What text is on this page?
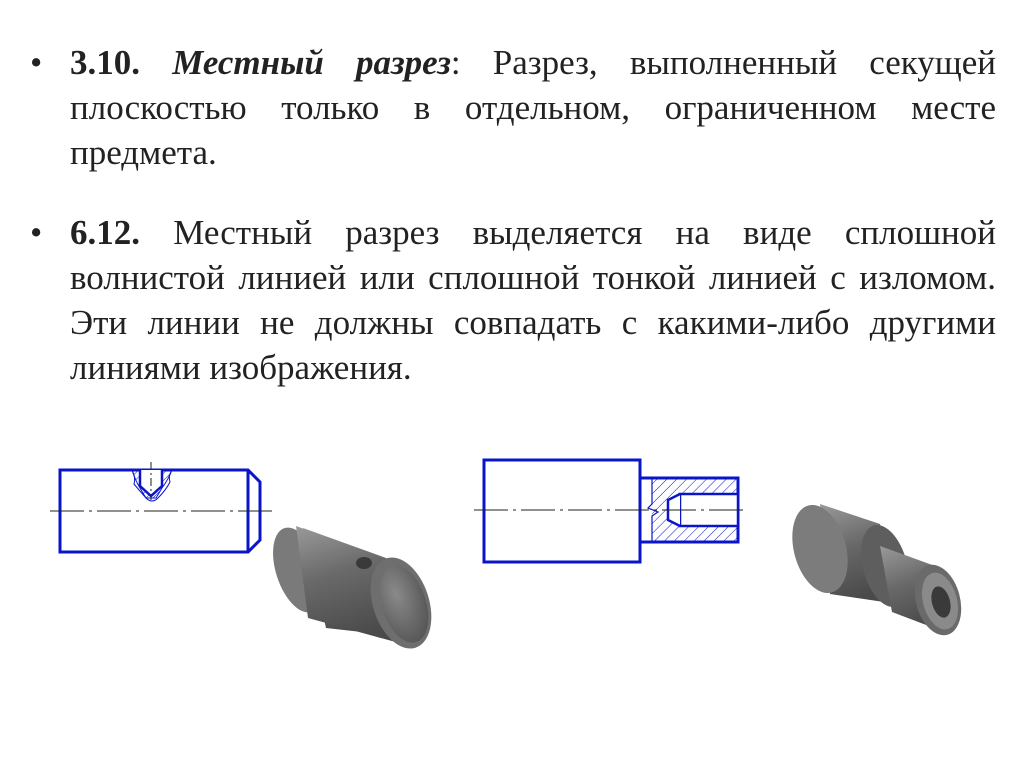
• 3.10. Местный разрез: Разрез, выполненный секущей плоскостью только в отдельном, ограниченном месте предмета.
• 6.12. Местный разрез выделяется на виде сплошной волнистой линией или сплошной тонкой линией с изломом. Эти линии не должны совпадать с какими-либо другими линиями изображения.
